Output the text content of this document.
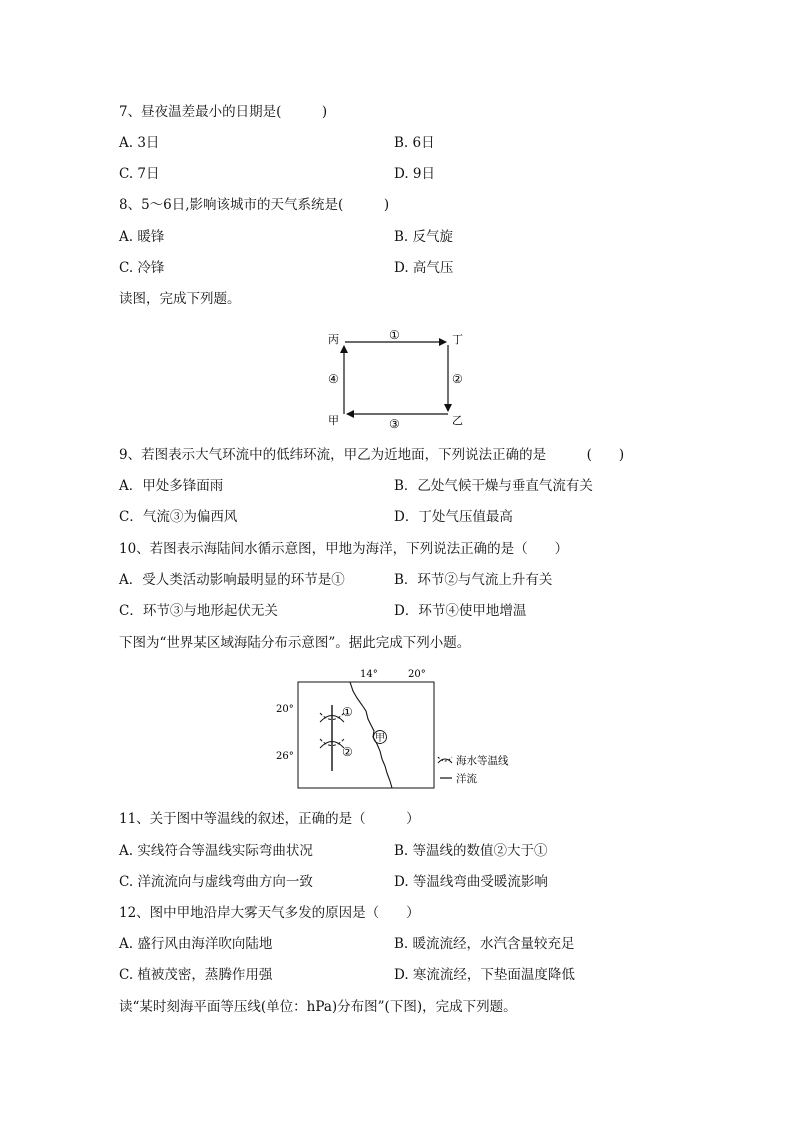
7、昼夜温差最小的日期是(　　　)
A. 3日	B. 6日
C. 7日	D. 9日
8、5～6日,影响该城市的天气系统是(　　　)
A. 暖锋	B. 反气旋
C. 冷锋	D. 高气压
读图，完成下列题。
丙	丁
甲	乙
①
②
③
④
9、若图表示大气环流中的低纬环流，甲乙为近地面，下列说法正确的是　　　(　　)
A．甲处多锋面雨	B．乙处气候干燥与垂直气流有关
C．气流③为偏西风	D．丁处气压值最高
10、若图表示海陆间水循示意图，甲地为海洋，下列说法正确的是（　　）
A．受人类活动影响最明显的环节是①	B．环节②与气流上升有关
C．环节③与地形起伏无关	D．环节④使甲地增温
下图为“世界某区域海陆分布示意图”。据此完成下列小题。
14°	20°
20°
26°
①
②
甲
海水等温线
洋流
11、关于图中等温线的叙述，正确的是（　　　）
A. 实线符合等温线实际弯曲状况	B. 等温线的数值②大于①
C. 洋流流向与虚线弯曲方向一致	D. 等温线弯曲受暖流影响
12、图中甲地沿岸大雾天气多发的原因是（　　）
A. 盛行风由海洋吹向陆地	B. 暖流流经，水汽含量较充足
C. 植被茂密，蒸腾作用强	D. 寒流流经，下垫面温度降低
读“某时刻海平面等压线(单位：hPa)分布图”(下图)，完成下列题。
